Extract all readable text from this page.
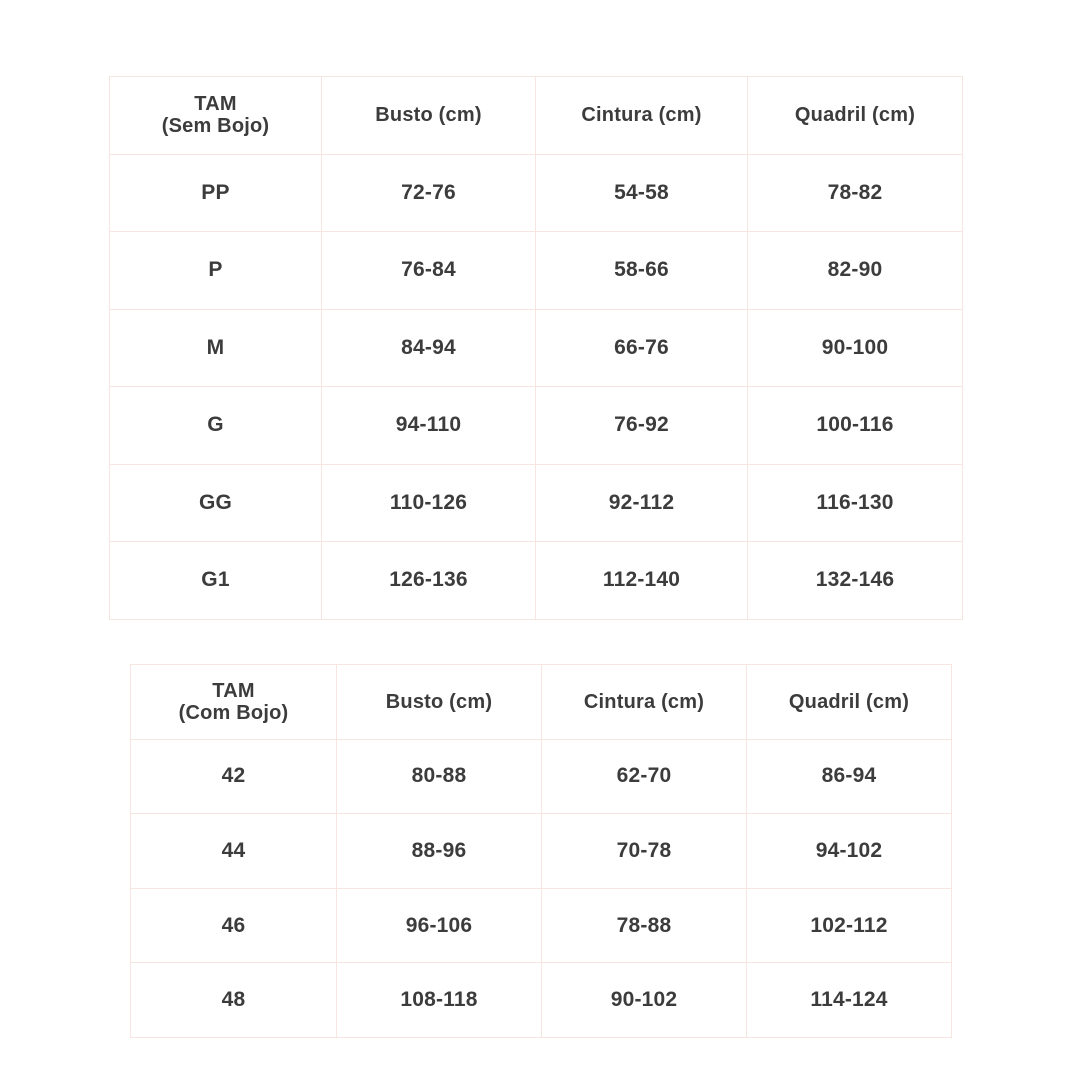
TAM
(Sem Bojo)	Busto (cm)	Cintura (cm)	Quadril (cm)
PP	72-76	54-58	78-82
P	76-84	58-66	82-90
M	84-94	66-76	90-100
G	94-110	76-92	100-116
GG	110-126	92-112	116-130
G1	126-136	112-140	132-146
TAM
(Com Bojo)	Busto (cm)	Cintura (cm)	Quadril (cm)
42	80-88	62-70	86-94
44	88-96	70-78	94-102
46	96-106	78-88	102-112
48	108-118	90-102	114-124
